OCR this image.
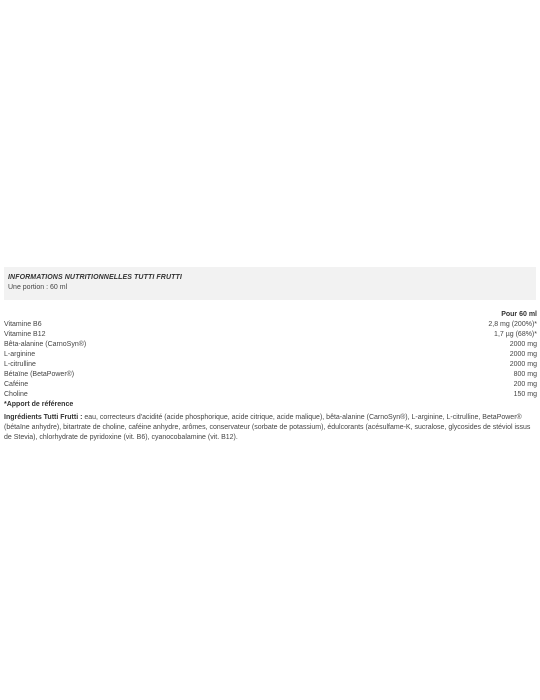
INFORMATIONS NUTRITIONNELLES TUTTI FRUTTI
Une portion : 60 ml

	Pour 60 ml
Vitamine B6	2,8 mg (200%)*
Vitamine B12	1,7 µg (68%)*
Bêta-alanine (CarnoSyn®)	2000 mg
L-arginine	2000 mg
L-citrulline	2000 mg
Bétaïne (BetaPower®)	800 mg
Caféine	200 mg
Choline	150 mg
*Apport de référence
Ingrédients Tutti Frutti : eau, correcteurs d'acidité (acide phosphorique, acide citrique, acide malique), bêta-alanine (CarnoSyn®), L-arginine, L-citrulline, BetaPower® (bétaïne anhydre), bitartrate de choline, caféine anhydre, arômes, conservateur (sorbate de potassium), édulcorants (acésulfame-K, sucralose, glycosides de stéviol issus de Stevia), chlorhydrate de pyridoxine (vit. B6), cyanocobalamine (vit. B12).
